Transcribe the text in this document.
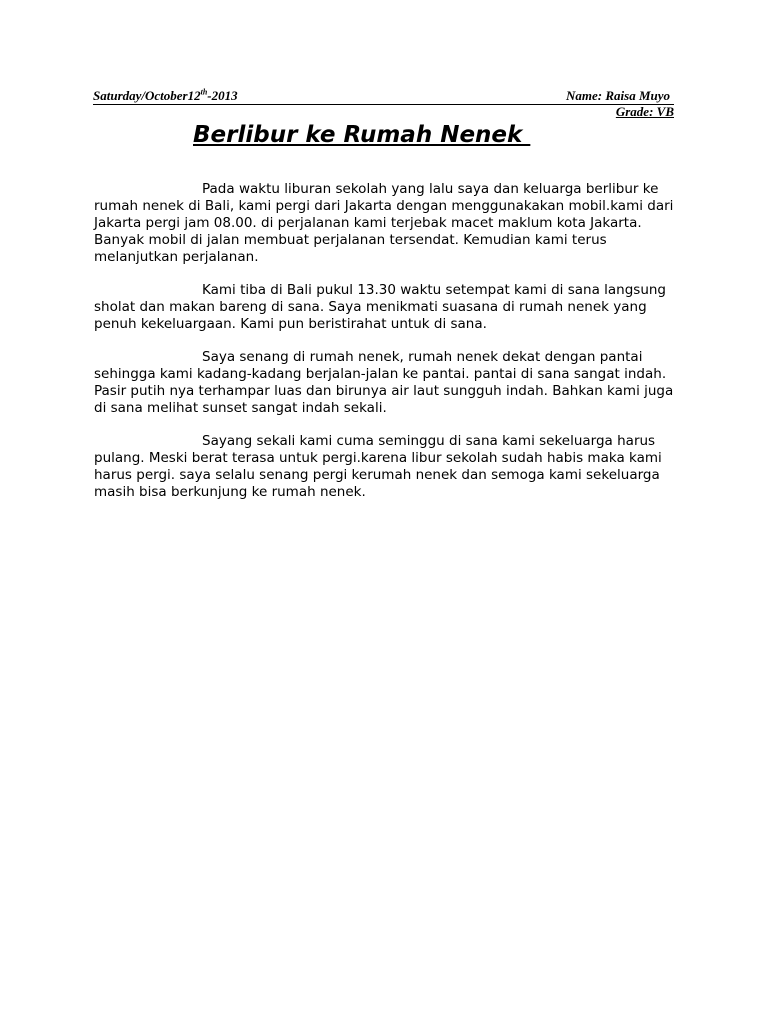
Saturday/October12th-2013	Name: Raisa Muyo
Grade: VB
Berlibur ke Rumah Nenek

Pada waktu liburan sekolah yang lalu saya dan keluarga berlibur ke rumah nenek di Bali, kami pergi dari Jakarta dengan menggunakakan mobil.kami dari Jakarta pergi jam 08.00. di perjalanan kami terjebak macet maklum kota Jakarta. Banyak mobil di jalan membuat perjalanan tersendat. Kemudian kami terus melanjutkan perjalanan.

Kami tiba di Bali pukul 13.30 waktu setempat kami di sana langsung sholat dan makan bareng di sana. Saya menikmati suasana di rumah nenek yang penuh kekeluargaan. Kami pun beristirahat untuk di sana.

Saya senang di rumah nenek, rumah nenek dekat dengan pantai sehingga kami kadang-kadang berjalan-jalan ke pantai. pantai di sana sangat indah. Pasir putih nya terhampar luas dan birunya air laut sungguh indah. Bahkan kami juga di sana melihat sunset sangat indah sekali.

Sayang sekali kami cuma seminggu di sana kami sekeluarga harus pulang. Meski berat terasa untuk pergi.karena libur sekolah sudah habis maka kami harus pergi. saya selalu senang pergi kerumah nenek dan semoga kami sekeluarga masih bisa berkunjung ke rumah nenek.
